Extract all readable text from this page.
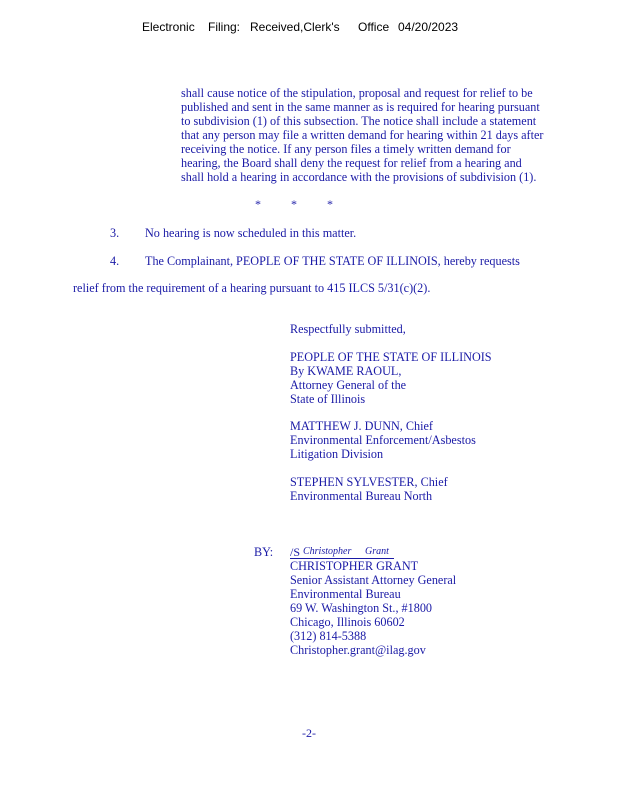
Electronic Filing: Received,Clerk's Office 04/20/2023
shall cause notice of the stipulation, proposal and request for relief to be
published and sent in the same manner as is required for hearing pursuant
to subdivision (1) of this subsection. The notice shall include a statement
that any person may file a written demand for hearing within 21 days after
receiving the notice. If any person files a timely written demand for
hearing, the Board shall deny the request for relief from a hearing and
shall hold a hearing in accordance with the provisions of subdivision (1).
*	*	*
3. No hearing is now scheduled in this matter.
4. The Complainant, PEOPLE OF THE STATE OF ILLINOIS, hereby requests
relief from the requirement of a hearing pursuant to 415 ILCS 5/31(c)(2).
Respectfully submitted,
PEOPLE OF THE STATE OF ILLINOIS
By KWAME RAOUL,
Attorney General of the
State of Illinois
MATTHEW J. DUNN, Chief
Environmental Enforcement/Asbestos
Litigation Division
STEPHEN SYLVESTER, Chief
Environmental Bureau North
BY: /S Christopher Grant
CHRISTOPHER GRANT
Senior Assistant Attorney General
Environmental Bureau
69 W. Washington St., #1800
Chicago, Illinois 60602
(312) 814-5388
Christopher.grant@ilag.gov
-2-
